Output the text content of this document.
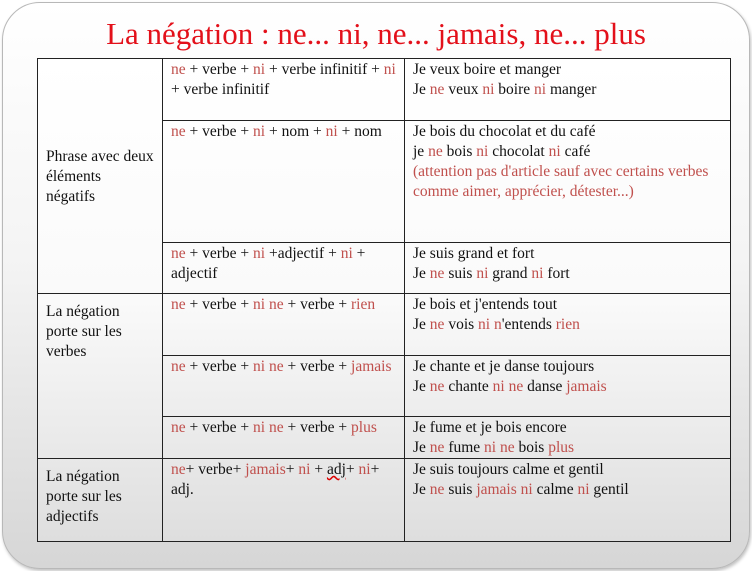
La négation : ne... ni, ne... jamais, ne... plus
Phrase avec deux éléments négatifs	ne + verbe + ni + verbe infinitif + ni + verbe infinitif	Je veux boire et manger
Je ne veux ni boire ni manger
	ne + verbe + ni + nom + ni + nom	Je bois du chocolat et du café
je ne bois ni chocolat ni café
(attention pas d'article sauf avec certains verbes comme aimer, apprécier, détester...)
	ne + verbe + ni +adjectif + ni + adjectif	Je suis grand et fort
Je ne suis ni grand ni fort
La négation porte sur les verbes	ne + verbe + ni ne + verbe + rien	Je bois et j'entends tout
Je ne vois ni n'entends rien
	ne + verbe + ni ne + verbe + jamais	Je chante et je danse toujours
Je ne chante ni ne danse jamais
	ne + verbe + ni ne + verbe + plus	Je fume et je bois encore
Je ne fume ni ne bois plus
La négation porte sur les adjectifs	ne+ verbe+ jamais+ ni + adj+ ni+ adj.	Je suis toujours calme et gentil
Je ne suis jamais ni calme ni gentil
